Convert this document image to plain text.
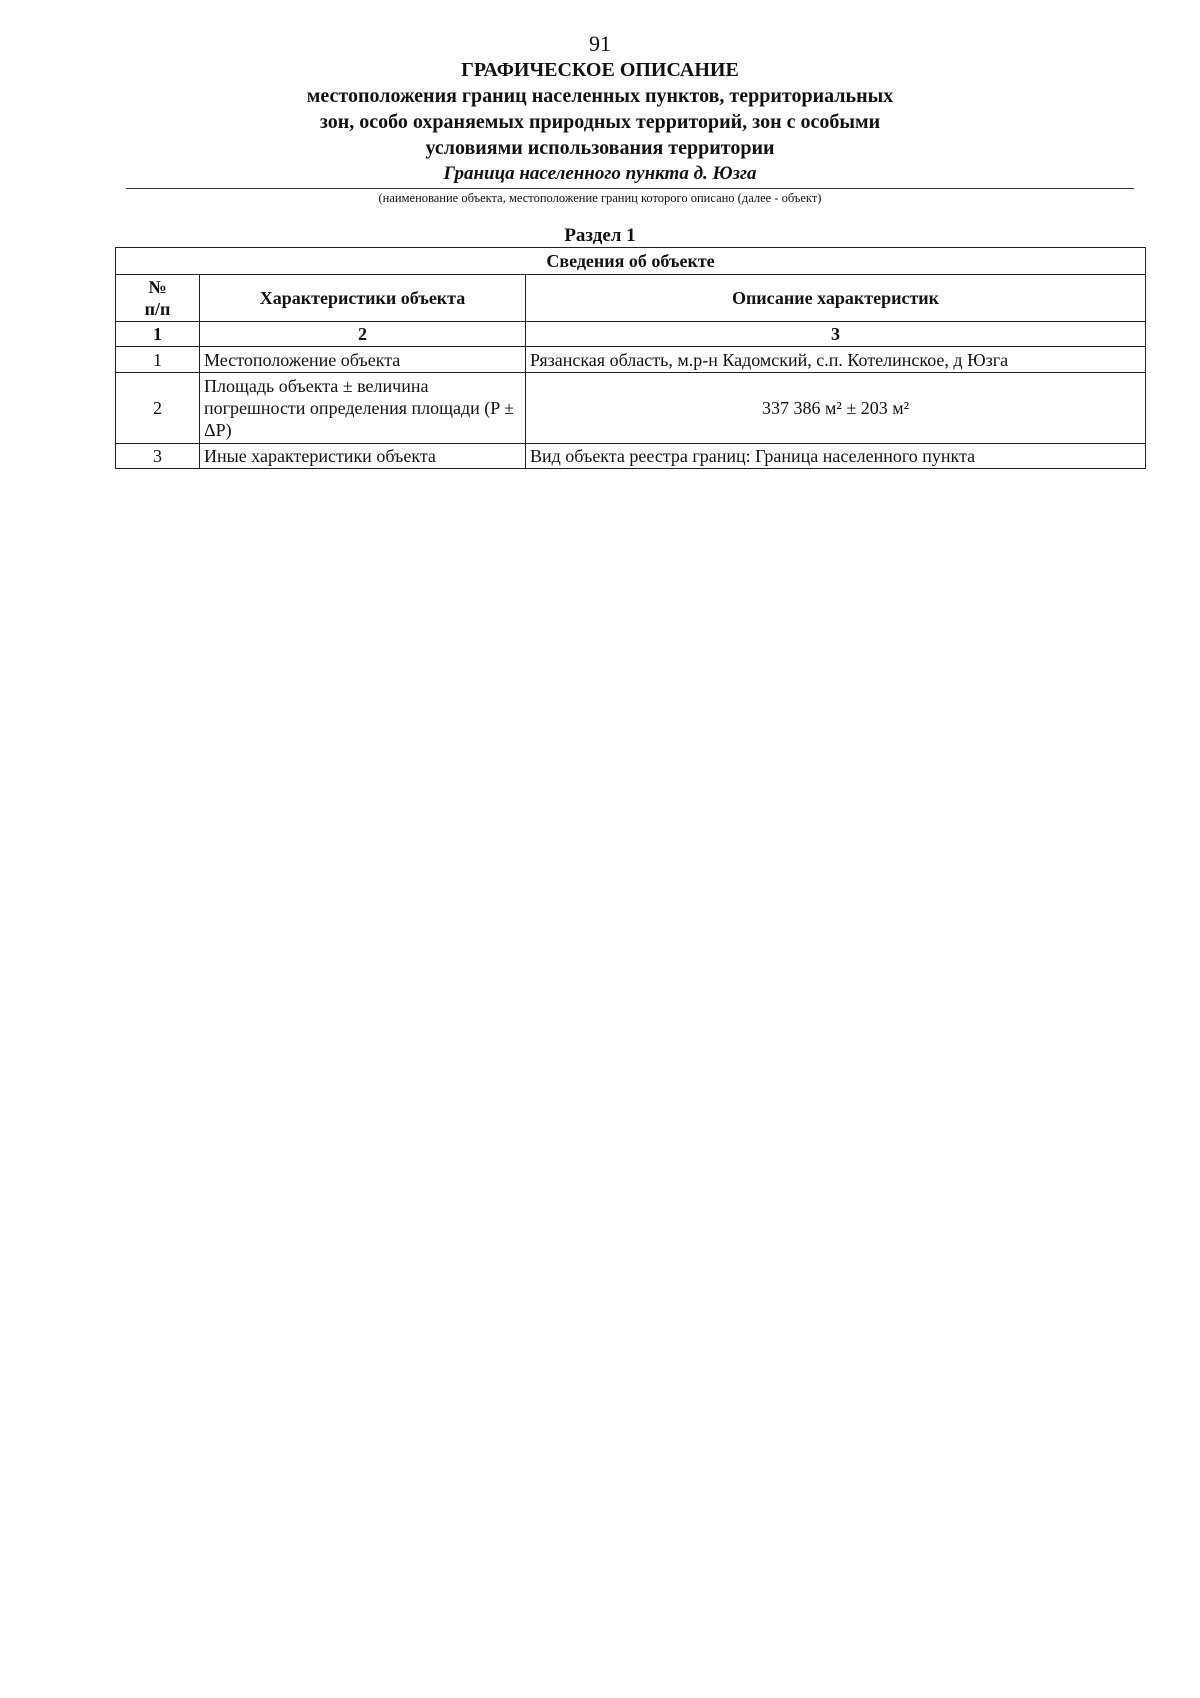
91

ГРАФИЧЕСКОЕ ОПИСАНИЕ

местоположения границ населенных пунктов, территориальных

зон, особо охраняемых природных территорий, зон с особыми

условиями использования территории

Граница населенного пункта д. Юзга

(наименование объекта, местоположение границ которого описано (далее - объект)
Раздел 1
Сведения об объекте		
№
п/п	Характеристики объекта	Описание характеристик
1	2	3
1	Местоположение объекта	Рязанская область, м.р-н Кадомский, с.п. Котелинское, д Юзга
2	Площадь объекта ± величина погрешности определения площади (P ± ΔP)	337 386 м² ± 203 м²
3	Иные характеристики объекта	Вид объекта реестра границ: Граница населенного пункта
